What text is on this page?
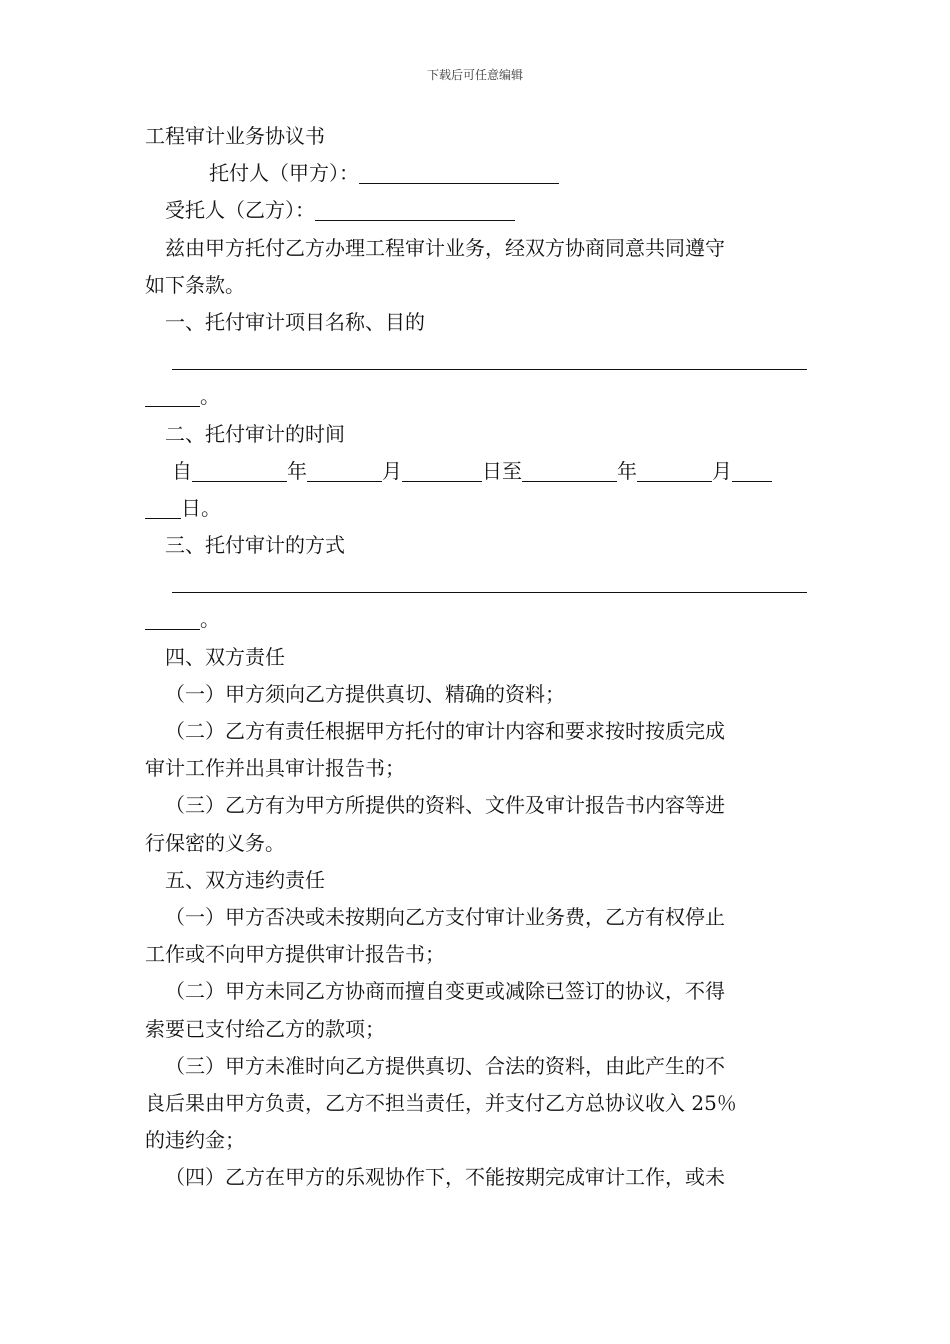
下载后可任意编辑
工程审计业务协议书
托付人（甲方）：
受托人（乙方）：
兹由甲方托付乙方办理工程审计业务，经双方协商同意共同遵守
如下条款。
一、托付审计项目名称、目的
。
二、托付审计的时间
自	年	月	日至	年	月
日。
三、托付审计的方式
。
四、双方责任
（一）甲方须向乙方提供真切、精确的资料；
（二）乙方有责任根据甲方托付的审计内容和要求按时按质完成
审计工作并出具审计报告书；
（三）乙方有为甲方所提供的资料、文件及审计报告书内容等进
行保密的义务。
五、双方违约责任
（一）甲方否决或未按期向乙方支付审计业务费，乙方有权停止
工作或不向甲方提供审计报告书；
（二）甲方未同乙方协商而擅自变更或减除已签订的协议，不得
索要已支付给乙方的款项；
（三）甲方未准时向乙方提供真切、合法的资料，由此产生的不
良后果由甲方负责，乙方不担当责任，并支付乙方总协议收入 25％
的违约金；
（四）乙方在甲方的乐观协作下，不能按期完成审计工作，或未
